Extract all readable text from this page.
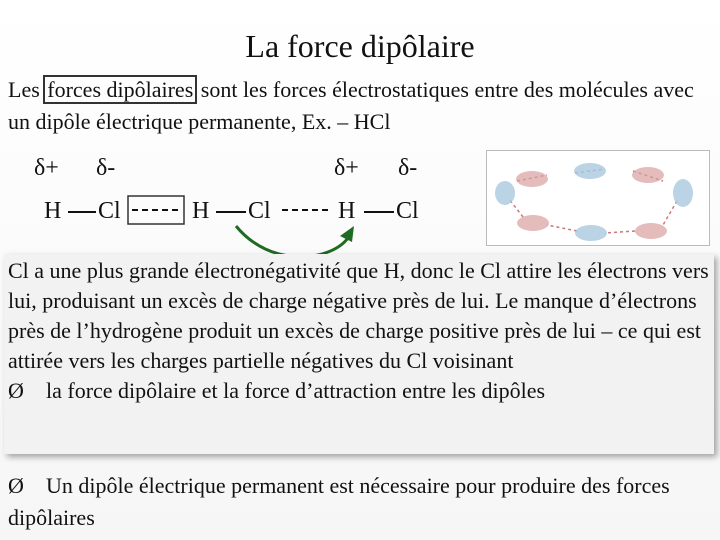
La force dipôlaire
Les forces dipôlaires sont les forces électrostatiques entre des molécules avec un dipôle électrique permanente, Ex. – HCl
δ+ δ-	δ+ δ-
H Cl	H Cl	H Cl
Cl a une plus grande électronégativité que H, donc le Cl attire les électrons vers lui, produisant un excès de charge négative près de lui. Le manque d’électrons près de l’hydrogène produit un excès de charge positive près de lui – ce qui est attirée vers les charges partielle négatives du Cl voisinant
Ø la force dipôlaire et la force d’attraction entre les dipôles
Ø Un dipôle électrique permanent est nécessaire pour produire des forces dipôlaires
